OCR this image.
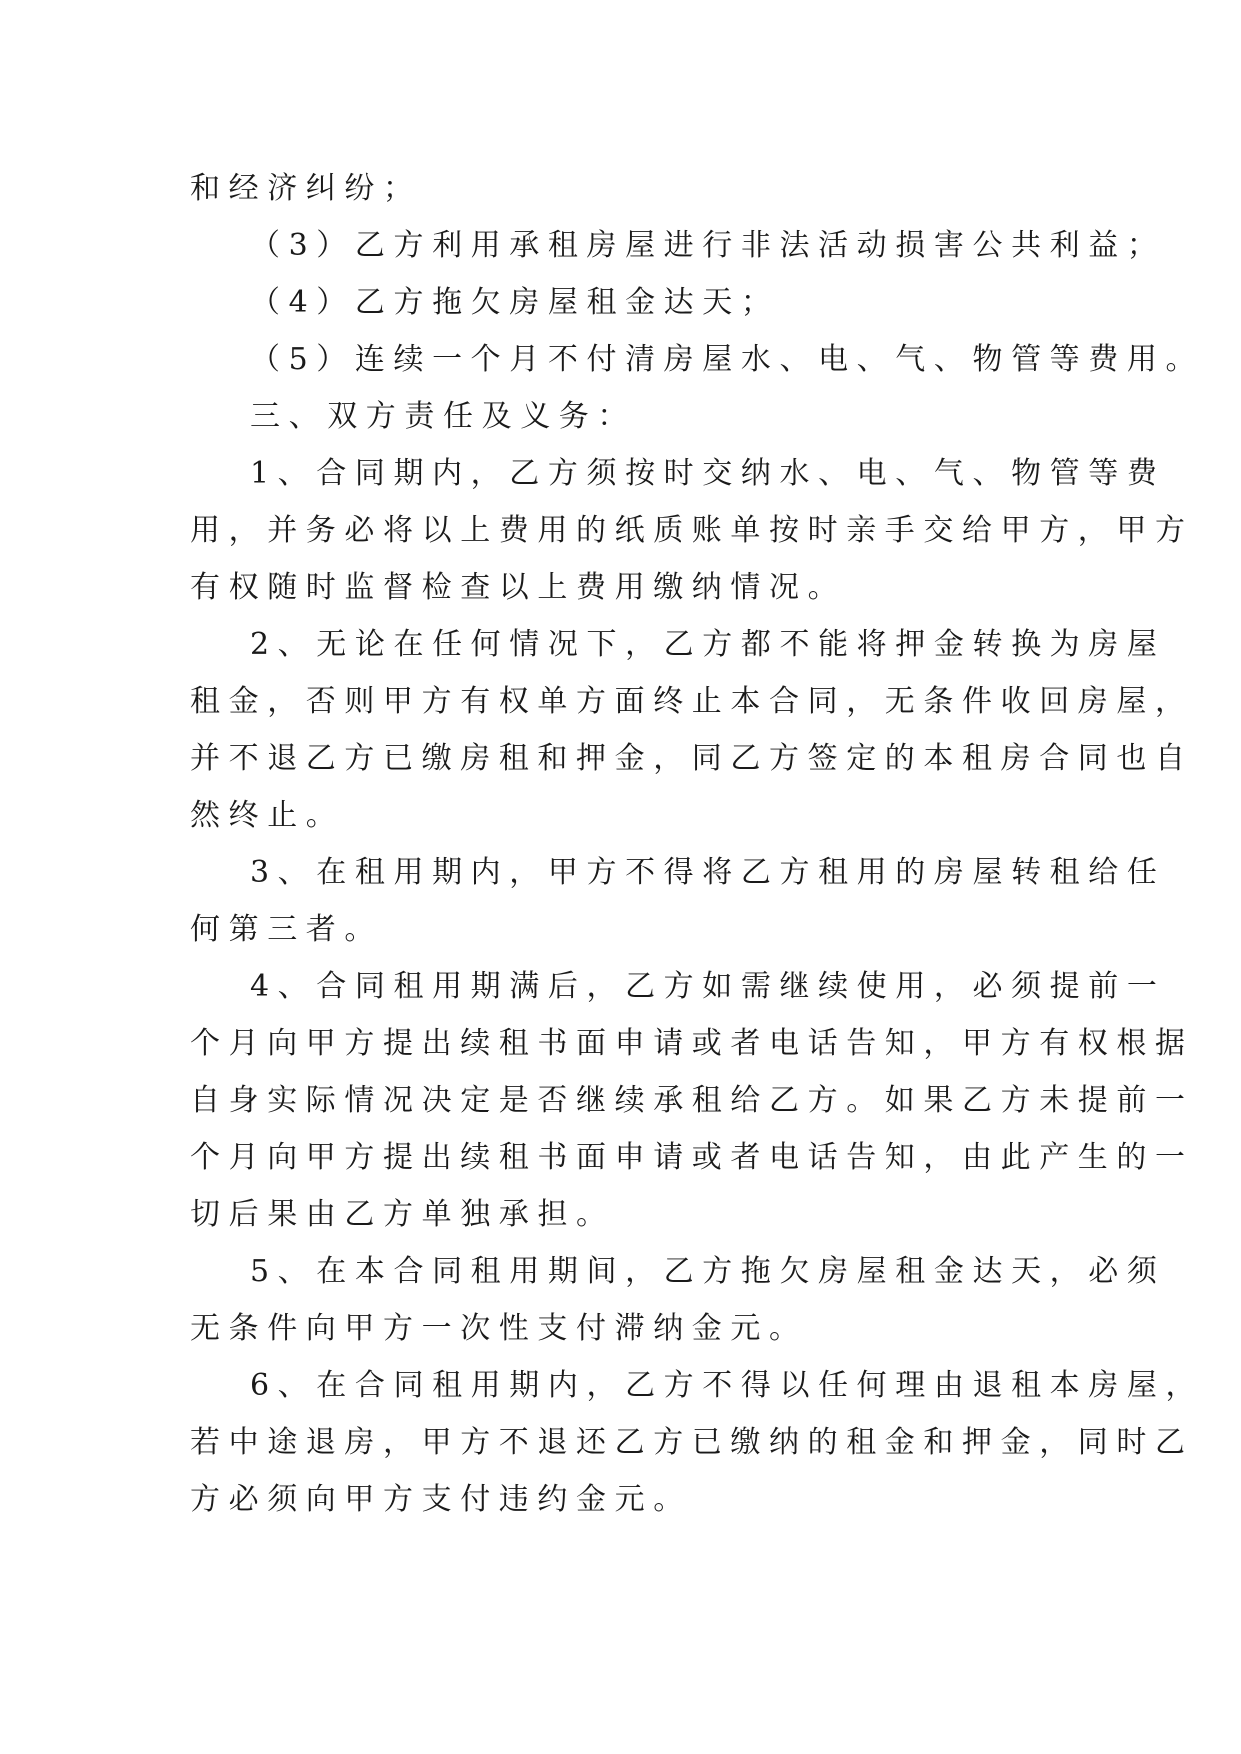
和经济纠纷；

（3）乙方利用承租房屋进行非法活动损害公共利益；

（4）乙方拖欠房屋租金达天；

（5）连续一个月不付清房屋水、电、气、物管等费用。

三、双方责任及义务：

1、合同期内，乙方须按时交纳水、电、气、物管等费

用，并务必将以上费用的纸质账单按时亲手交给甲方，甲方

有权随时监督检查以上费用缴纳情况。

2、无论在任何情况下，乙方都不能将押金转换为房屋

租金，否则甲方有权单方面终止本合同，无条件收回房屋，

并不退乙方已缴房租和押金，同乙方签定的本租房合同也自

然终止。

3、在租用期内，甲方不得将乙方租用的房屋转租给任

何第三者。

4、合同租用期满后，乙方如需继续使用，必须提前一

个月向甲方提出续租书面申请或者电话告知，甲方有权根据

自身实际情况决定是否继续承租给乙方。如果乙方未提前一

个月向甲方提出续租书面申请或者电话告知，由此产生的一

切后果由乙方单独承担。

5、在本合同租用期间，乙方拖欠房屋租金达天，必须

无条件向甲方一次性支付滞纳金元。

6、在合同租用期内，乙方不得以任何理由退租本房屋，

若中途退房，甲方不退还乙方已缴纳的租金和押金，同时乙

方必须向甲方支付违约金元。
